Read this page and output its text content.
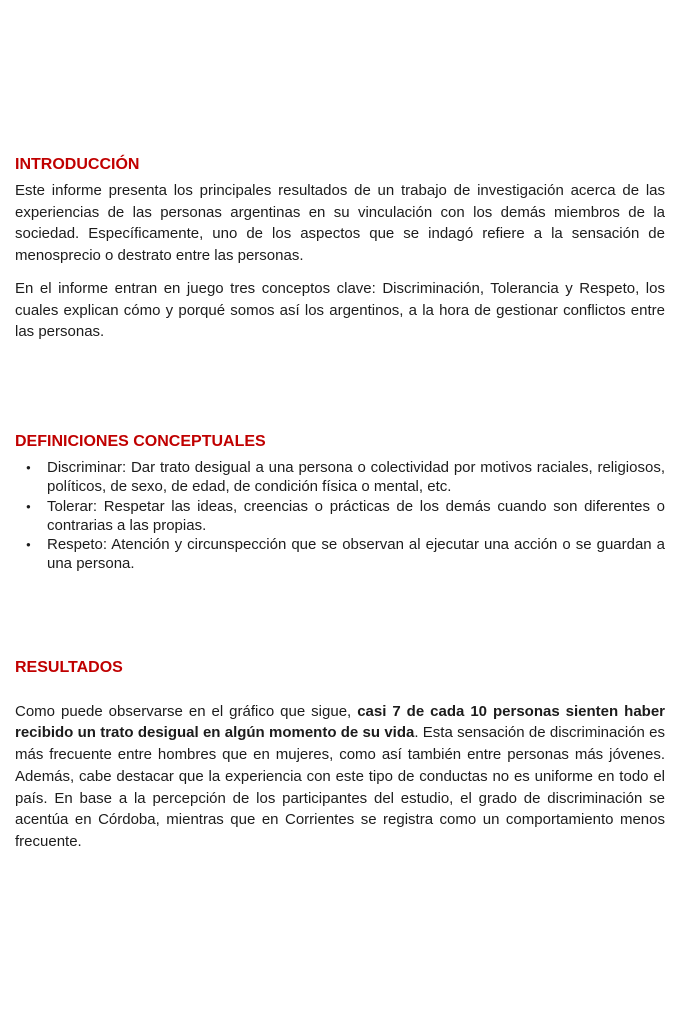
INTRODUCCIÓN

Este informe presenta los principales resultados de un trabajo de investigación acerca de las experiencias de las personas argentinas en su vinculación con los demás miembros de la sociedad. Específicamente, uno de los aspectos que se indagó refiere a la sensación de menosprecio o destrato entre las personas.

En el informe entran en juego tres conceptos clave: Discriminación, Tolerancia y Respeto, los cuales explican cómo y porqué somos así los argentinos, a la hora de gestionar conflictos entre las personas.

DEFINICIONES CONCEPTUALES
● Discriminar: Dar trato desigual a una persona o colectividad por motivos raciales, religiosos, políticos, de sexo, de edad, de condición física o mental, etc.
● Tolerar: Respetar las ideas, creencias o prácticas de los demás cuando son diferentes o contrarias a las propias.
● Respeto: Atención y circunspección que se observan al ejecutar una acción o se guardan a una persona.
RESULTADOS

Como puede observarse en el gráfico que sigue, casi 7 de cada 10 personas sienten haber recibido un trato desigual en algún momento de su vida. Esta sensación de discriminación es más frecuente entre hombres que en mujeres, como así también entre personas más jóvenes. Además, cabe destacar que la experiencia con este tipo de conductas no es uniforme en todo el país. En base a la percepción de los participantes del estudio, el grado de discriminación se acentúa en Córdoba, mientras que en Corrientes se registra como un comportamiento menos frecuente.
